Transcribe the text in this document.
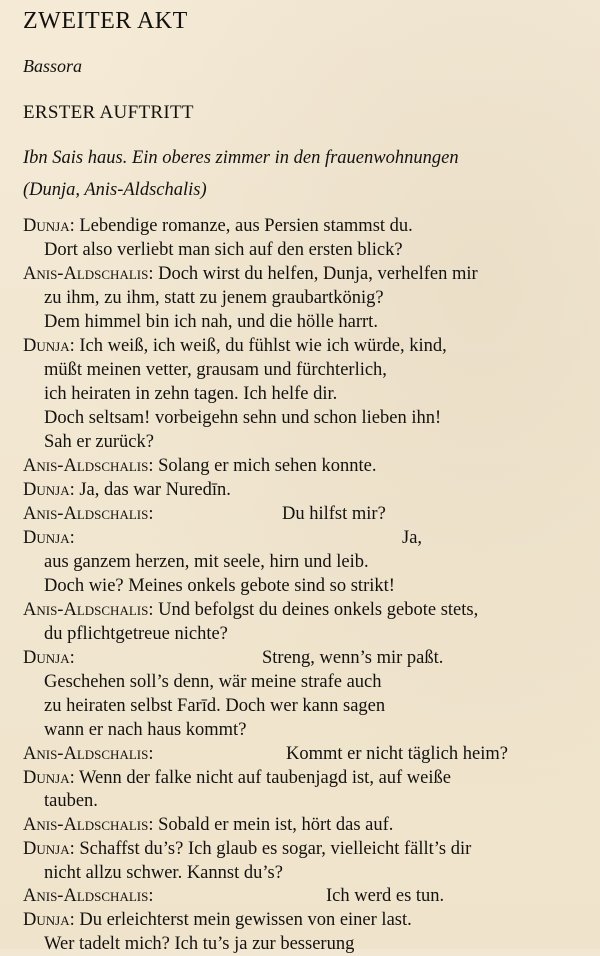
ZWEITER AKT
Bassora
ERSTER AUFTRITT
Ibn Sais haus. Ein oberes zimmer in den frauenwohnungen
(Dunja, Anis-Aldschalis)
Dunja: Lebendige romanze, aus Persien stammst du.
Dort also verliebt man sich auf den ersten blick?
Anis-Aldschalis: Doch wirst du helfen, Dunja, verhelfen mir
zu ihm, zu ihm, statt zu jenem graubartkönig?
Dem himmel bin ich nah, und die hölle harrt.
Dunja: Ich weiß, ich weiß, du fühlst wie ich würde, kind,
müßt meinen vetter, grausam und fürchterlich,
ich heiraten in zehn tagen. Ich helfe dir.
Doch seltsam! vorbeigehn sehn und schon lieben ihn!
Sah er zurück?
Anis-Aldschalis: Solang er mich sehen konnte.
Dunja: Ja, das war Nuredīn.
Anis-Aldschalis:	Du hilfst mir?
Dunja:	Ja,
aus ganzem herzen, mit seele, hirn und leib.
Doch wie? Meines onkels gebote sind so strikt!
Anis-Aldschalis: Und befolgst du deines onkels gebote stets,
du pflichtgetreue nichte?
Dunja:	Streng, wenn’s mir paßt.
Geschehen soll’s denn, wär meine strafe auch
zu heiraten selbst Farīd. Doch wer kann sagen
wann er nach haus kommt?
Anis-Aldschalis:	Kommt er nicht täglich heim?
Dunja: Wenn der falke nicht auf taubenjagd ist, auf weiße
tauben.
Anis-Aldschalis: Sobald er mein ist, hört das auf.
Dunja: Schaffst du’s? Ich glaub es sogar, vielleicht fällt’s dir
nicht allzu schwer. Kannst du’s?
Anis-Aldschalis:	Ich werd es tun.
Dunja: Du erleichterst mein gewissen von einer last.
Wer tadelt mich? Ich tu’s ja zur besserung
